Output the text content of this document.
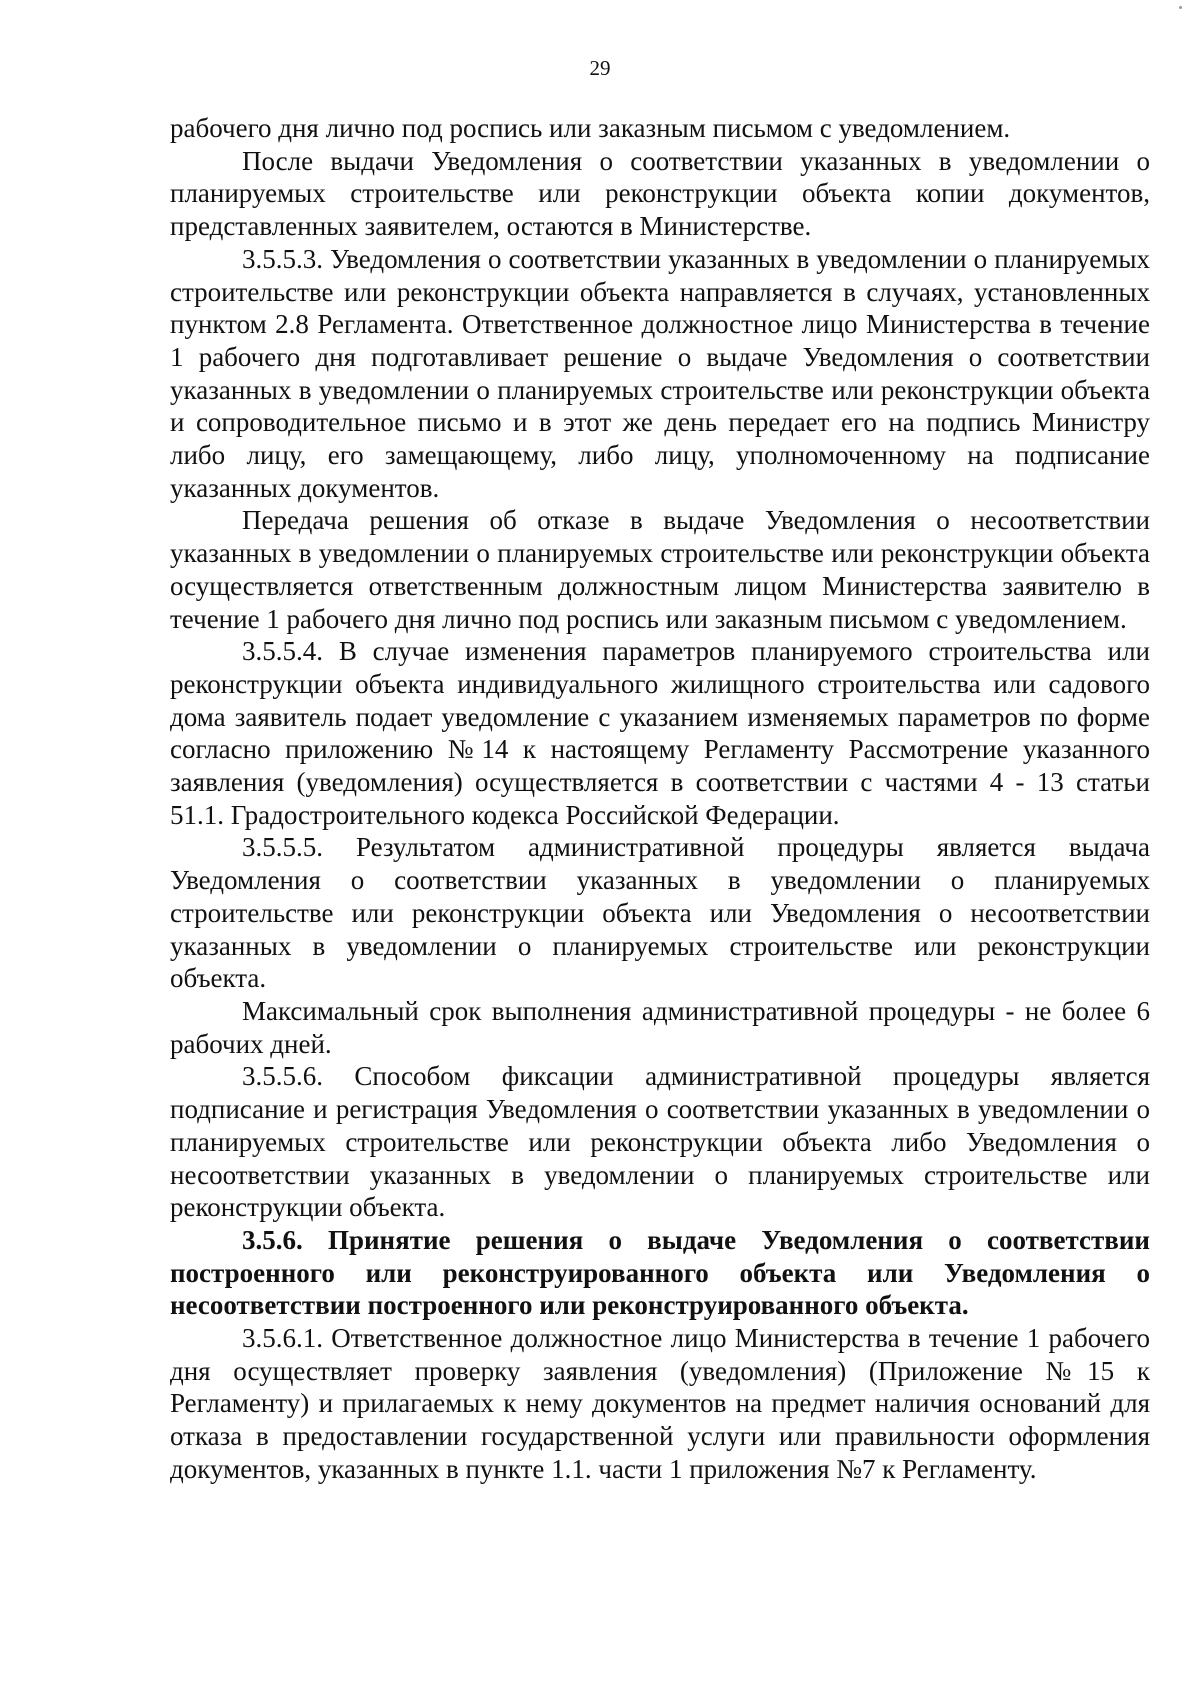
29

рабочего дня лично под роспись или заказным письмом с уведомлением.

После выдачи Уведомления о соответствии указанных в уведомлении о планируемых строительстве или реконструкции объекта копии документов, представленных заявителем, остаются в Министерстве.

3.5.5.3. Уведомления о соответствии указанных в уведомлении о планируемых строительстве или реконструкции объекта направляется в случаях, установленных пунктом 2.8 Регламента. Ответственное должностное лицо Министерства в течение 1 рабочего дня подготавливает решение о выдаче Уведомления о соответствии указанных в уведомлении о планируемых строительстве или реконструкции объекта и сопроводительное письмо и в этот же день передает его на подпись Министру либо лицу, его замещающему, либо лицу, уполномоченному на подписание указанных документов.

Передача решения об отказе в выдаче Уведомления о несоответствии указанных в уведомлении о планируемых строительстве или реконструкции объекта осуществляется ответственным должностным лицом Министерства заявителю в течение 1 рабочего дня лично под роспись или заказным письмом с уведомлением.

3.5.5.4. В случае изменения параметров планируемого строительства или реконструкции объекта индивидуального жилищного строительства или садового дома заявитель подает уведомление с указанием изменяемых параметров по форме согласно приложению №14 к настоящему Регламенту Рассмотрение указанного заявления (уведомления) осуществляется в соответствии с частями 4 - 13 статьи 51.1. Градостроительного кодекса Российской Федерации.

3.5.5.5. Результатом административной процедуры является выдача Уведомления о соответствии указанных в уведомлении о планируемых строительстве или реконструкции объекта или Уведомления о несоответствии указанных в уведомлении о планируемых строительстве или реконструкции объекта.

Максимальный срок выполнения административной процедуры - не более 6 рабочих дней.

3.5.5.6. Способом фиксации административной процедуры является подписание и регистрация Уведомления о соответствии указанных в уведомлении о планируемых строительстве или реконструкции объекта либо Уведомления о несоответствии указанных в уведомлении о планируемых строительстве или реконструкции объекта.

3.5.6. Принятие решения о выдаче Уведомления о соответствии построенного или реконструированного объекта или Уведомления о несоответствии построенного или реконструированного объекта.

3.5.6.1. Ответственное должностное лицо Министерства в течение 1 рабочего дня осуществляет проверку заявления (уведомления) (Приложение №15 к Регламенту) и прилагаемых к нему документов на предмет наличия оснований для отказа в предоставлении государственной услуги или правильности оформления документов, указанных в пункте 1.1. части 1 приложения №7 к Регламенту.
